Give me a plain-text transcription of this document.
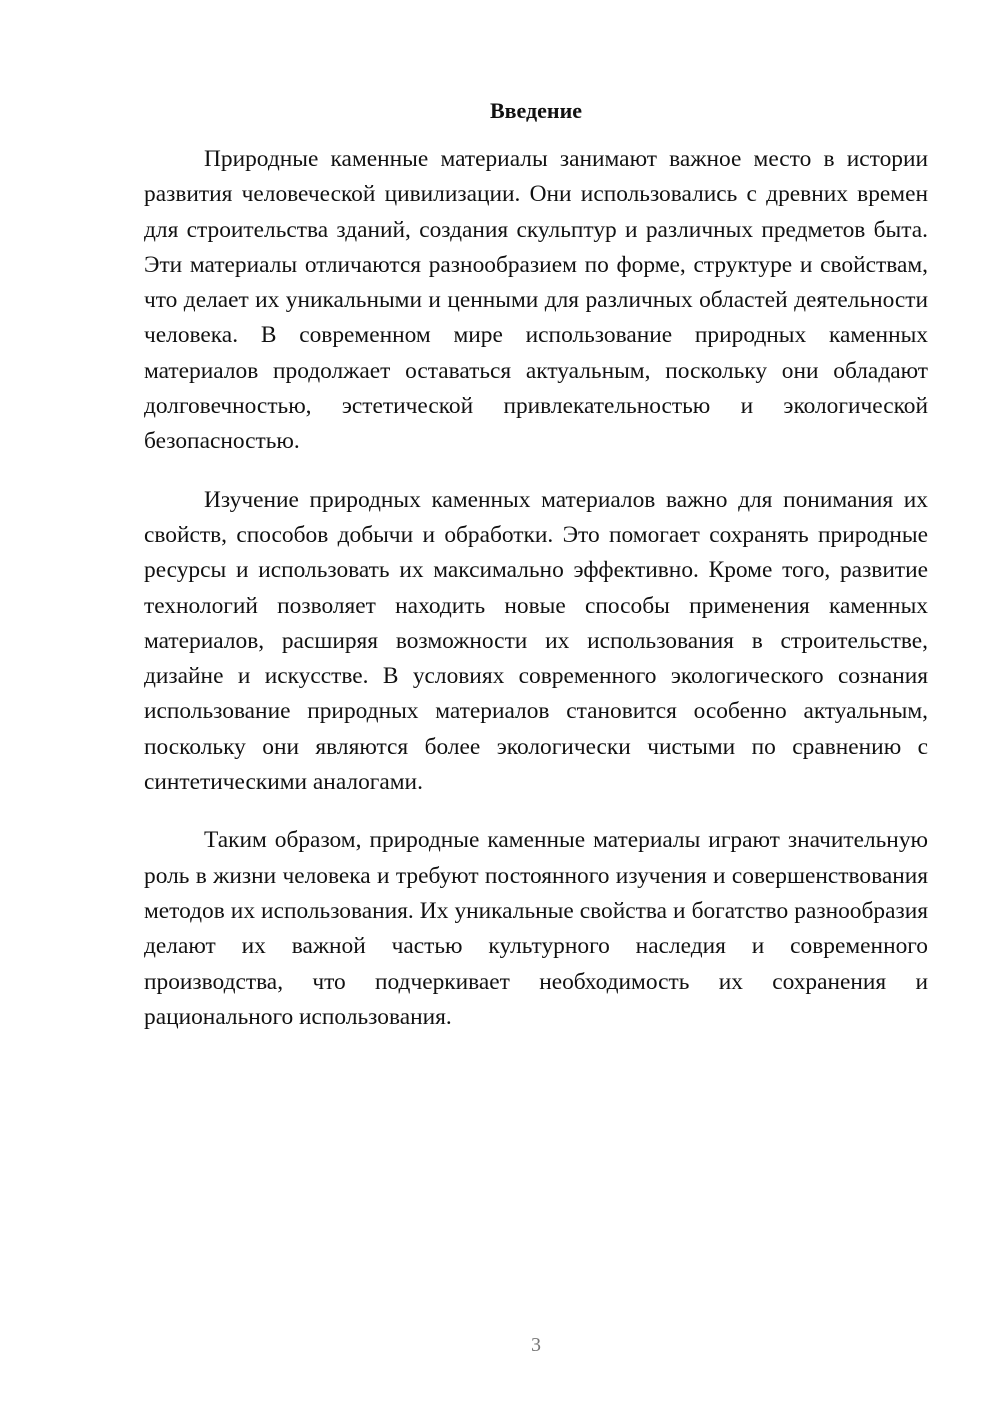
Введение

Природные каменные материалы занимают важное место в истории развития человеческой цивилизации. Они использовались с древних времен для строительства зданий, создания скульптур и различных предметов быта. Эти материалы отличаются разнообразием по форме, структуре и свойствам, что делает их уникальными и ценными для различных областей деятельности человека. В современном мире использование природных каменных материалов продолжает оставаться актуальным, поскольку они обладают долговечностью, эстетической привлекательностью и экологической безопасностью.

Изучение природных каменных материалов важно для понимания их свойств, способов добычи и обработки. Это помогает сохранять природные ресурсы и использовать их максимально эффективно. Кроме того, развитие технологий позволяет находить новые способы применения каменных материалов, расширяя возможности их использования в строительстве, дизайне и искусстве. В условиях современного экологического сознания использование природных материалов становится особенно актуальным, поскольку они являются более экологически чистыми по сравнению с синтетическими аналогами.

Таким образом, природные каменные материалы играют значительную роль в жизни человека и требуют постоянного изучения и совершенствования методов их использования. Их уникальные свойства и богатство разнообразия делают их важной частью культурного наследия и современного производства, что подчеркивает необходимость их сохранения и рационального использования.

3
